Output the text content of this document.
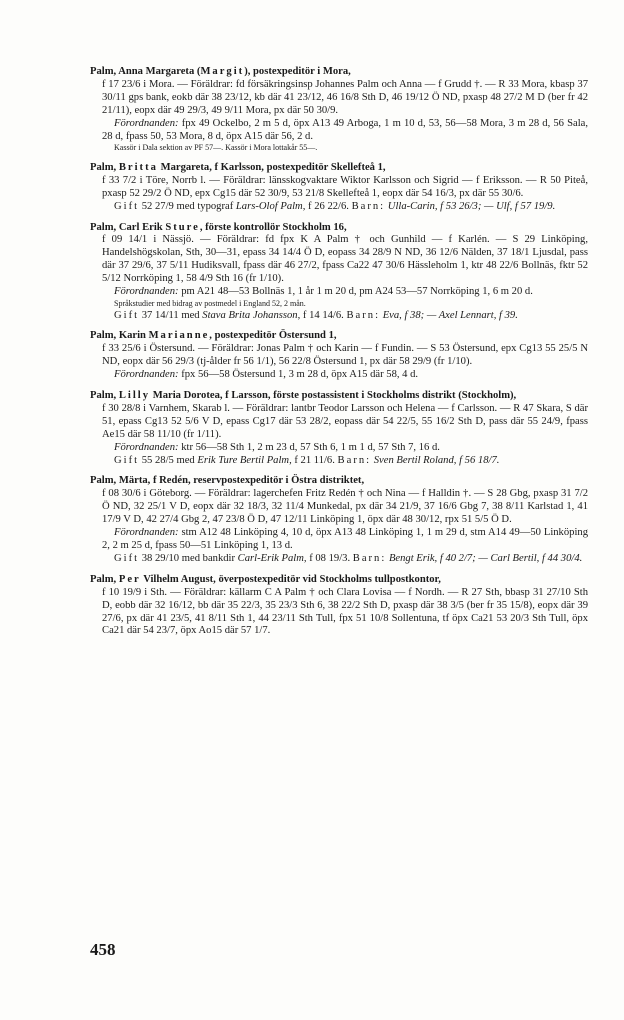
Palm, Anna Margareta (Margit), postexpeditör i Mora,

f 17 23/6 i Mora. — Föräldrar: fd försäkringsinsp Johannes Palm och Anna — f Grudd †. — R 33 Mora, kbasp 37 30/11 gps bank, eokb där 38 23/12, kb där 41 23/12, 46 16/8 Sth D, 46 19/12 Ö ND, pxasp 48 27/2 M D (ber fr 42 21/11), eopx där 49 29/3, 49 9/11 Mora, px där 50 30/9.

Förordnanden: fpx 49 Ockelbo, 2 m 5 d, öpx A13 49 Arboga, 1 m 10 d, 53, 56—58 Mora, 3 m 28 d, 56 Sala, 28 d, fpass 50, 53 Mora, 8 d, öpx A15 där 56, 2 d.

Kassör i Dala sektion av PF 57—. Kassör i Mora lottakår 55—.

Palm, Britta Margareta, f Karlsson, postexpeditör Skellefteå 1,

f 33 7/2 i Töre, Norrb l. — Föräldrar: länsskogvaktare Wiktor Karlsson och Sigrid — f Eriksson. — R 50 Piteå, pxasp 52 29/2 Ö ND, epx Cg15 där 52 30/9, 53 21/8 Skellefteå 1, eopx där 54 16/3, px där 55 30/6.

Gift 52 27/9 med typograf Lars-Olof Palm, f 26 22/6. Barn: Ulla-Carin, f 53 26/3; — Ulf, f 57 19/9.

Palm, Carl Erik Sture, förste kontrollör Stockholm 16,

f 09 14/1 i Nässjö. — Föräldrar: fd fpx K A Palm † och Gunhild — f Karlén. — S 29 Linköping, Handelshögskolan, Sth, 30—31, epass 34 14/4 Ö D, eopass 34 28/9 N ND, 36 12/6 Nälden, 37 18/1 Ljusdal, pass där 37 29/6, 37 5/11 Hudiksvall, fpass där 46 27/2, fpass Ca22 47 30/6 Hässleholm 1, ktr 48 22/6 Bollnäs, fktr 52 5/12 Norrköping 1, 58 4/9 Sth 16 (fr 1/10).

Förordnanden: pm A21 48—53 Bollnäs 1, 1 år 1 m 20 d, pm A24 53—57 Norrköping 1, 6 m 20 d.

Språkstudier med bidrag av postmedel i England 52, 2 mån.

Gift 37 14/11 med Stava Brita Johansson, f 14 14/6. Barn: Eva, f 38; — Axel Lennart, f 39.

Palm, Karin Marianne, postexpeditör Östersund 1,

f 33 25/6 i Östersund. — Föräldrar: Jonas Palm † och Karin — f Fundin. — S 53 Östersund, epx Cg13 55 25/5 N ND, eopx där 56 29/3 (tj-ålder fr 56 1/1), 56 22/8 Östersund 1, px där 58 29/9 (fr 1/10).

Förordnanden: fpx 56—58 Östersund 1, 3 m 28 d, öpx A15 där 58, 4 d.

Palm, Lilly Maria Dorotea, f Larsson, förste postassistent i Stockholms distrikt (Stockholm),

f 30 28/8 i Varnhem, Skarab l. — Föräldrar: lantbr Teodor Larsson och Helena — f Carlsson. — R 47 Skara, S där 51, epass Cg13 52 5/6 V D, epass Cg17 där 53 28/2, eopass där 54 22/5, 55 16/2 Sth D, pass där 55 24/9, fpass Ae15 där 58 11/10 (fr 1/11).

Förordnanden: ktr 56—58 Sth 1, 2 m 23 d, 57 Sth 6, 1 m 1 d, 57 Sth 7, 16 d.

Gift 55 28/5 med Erik Ture Bertil Palm, f 21 11/6. Barn: Sven Bertil Roland, f 56 18/7.

Palm, Märta, f Redén, reservpostexpeditör i Östra distriktet,

f 08 30/6 i Göteborg. — Föräldrar: lagerchefen Fritz Redén † och Nina — f Halldin †. — S 28 Gbg, pxasp 31 7/2 Ö ND, 32 25/1 V D, eopx där 32 18/3, 32 11/4 Munkedal, px där 34 21/9, 37 16/6 Gbg 7, 38 8/11 Karlstad 1, 41 17/9 V D, 42 27/4 Gbg 2, 47 23/8 Ö D, 47 12/11 Linköping 1, öpx där 48 30/12, rpx 51 5/5 Ö D.

Förordnanden: stm A12 48 Linköping 4, 10 d, öpx A13 48 Linköping 1, 1 m 29 d, stm A14 49—50 Linköping 2, 2 m 25 d, fpass 50—51 Linköping 1, 13 d.

Gift 38 29/10 med bankdir Carl-Erik Palm, f 08 19/3. Barn: Bengt Erik, f 40 2/7; — Carl Bertil, f 44 30/4.

Palm, Per Vilhelm August, överpostexpeditör vid Stockholms tullpostkontor,

f 10 19/9 i Sth. — Föräldrar: källarm C A Palm † och Clara Lovisa — f Nordh. — R 27 Sth, bbasp 31 27/10 Sth D, eobb där 32 16/12, bb där 35 22/3, 35 23/3 Sth 6, 38 22/2 Sth D, pxasp där 38 3/5 (ber fr 35 15/8), eopx där 39 27/6, px där 41 23/5, 41 8/11 Sth 1, 44 23/11 Sth Tull, fpx 51 10/8 Sollentuna, tf öpx Ca21 53 20/3 Sth Tull, öpx Ca21 där 54 23/7, öpx Ao15 där 57 1/7.

458
